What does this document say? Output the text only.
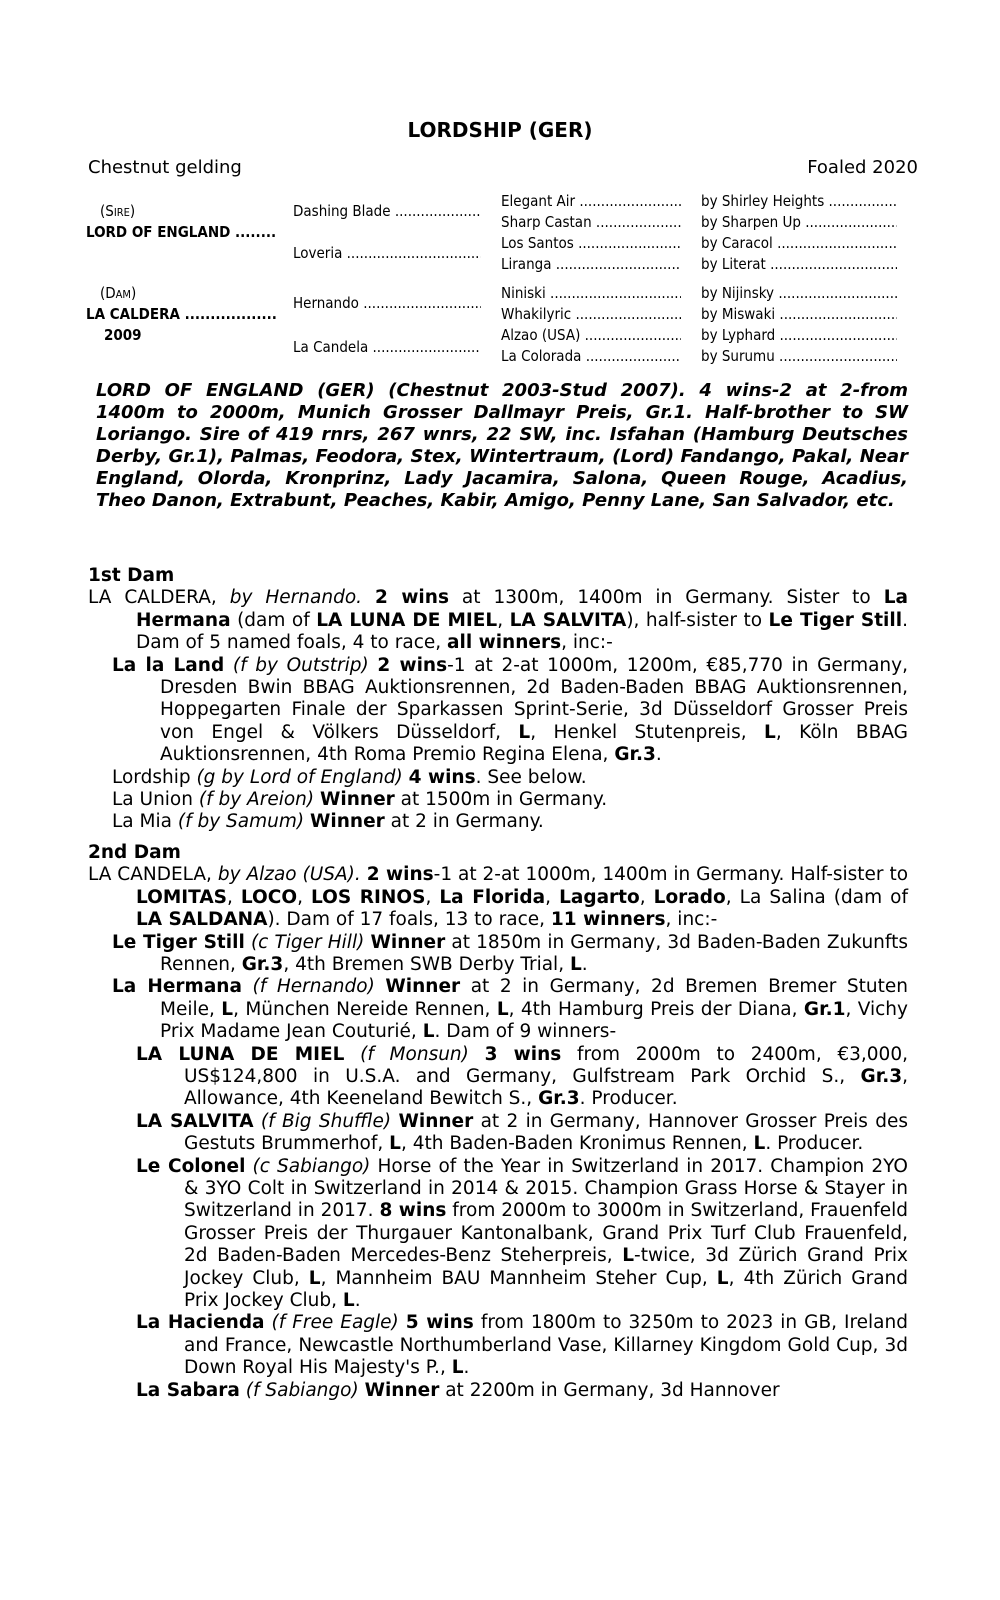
LORDSHIP (GER)
Chestnut gelding	Foaled 2020
(Sire)
LORD OF ENGLAND .....
(Dam)
LA CALDERA .....
2009
Dashing Blade .....
Loveria .....
Hernando .....
La Candela .....
Elegant Air .....
Sharp Castan .....
Los Santos .....
Liranga .....
Niniski .....
Whakilyric .....
Alzao (USA) .....
La Colorada .....
by Shirley Heights .....
by Sharpen Up .....
by Caracol .....
by Literat .....
by Nijinsky .....
by Miswaki .....
by Lyphard .....
by Surumu .....
LORD OF ENGLAND (GER) (Chestnut 2003-Stud 2007). 4 wins-2 at 2-from 1400m to 2000m, Munich Grosser Dallmayr Preis, Gr.1. Half-brother to SW Loriango. Sire of 419 rnrs, 267 wnrs, 22 SW, inc. Isfahan (Hamburg Deutsches Derby, Gr.1), Palmas, Feodora, Stex, Wintertraum, (Lord) Fandango, Pakal, Near England, Olorda, Kronprinz, Lady Jacamira, Salona, Queen Rouge, Acadius, Theo Danon, Extrabunt, Peaches, Kabir, Amigo, Penny Lane, San Salvador, etc.
1st Dam
LA CALDERA, by Hernando. 2 wins at 1300m, 1400m in Germany. Sister to La Hermana (dam of LA LUNA DE MIEL, LA SALVITA), half-sister to Le Tiger Still. Dam of 5 named foals, 4 to race, all winners, inc:-
La la Land (f by Outstrip) 2 wins-1 at 2-at 1000m, 1200m, €85,770 in Germany, Dresden Bwin BBAG Auktionsrennen, 2d Baden-Baden BBAG Auktionsrennen, Hoppegarten Finale der Sparkassen Sprint-Serie, 3d Düsseldorf Grosser Preis von Engel & Völkers Düsseldorf, L, Henkel Stutenpreis, L, Köln BBAG Auktionsrennen, 4th Roma Premio Regina Elena, Gr.3.
Lordship (g by Lord of England) 4 wins. See below.
La Union (f by Areion) Winner at 1500m in Germany.
La Mia (f by Samum) Winner at 2 in Germany.
2nd Dam
LA CANDELA, by Alzao (USA). 2 wins-1 at 2-at 1000m, 1400m in Germany. Half-sister to LOMITAS, LOCO, LOS RINOS, La Florida, Lagarto, Lorado, La Salina (dam of LA SALDANA). Dam of 17 foals, 13 to race, 11 winners, inc:-
Le Tiger Still (c Tiger Hill) Winner at 1850m in Germany, 3d Baden-Baden Zukunfts Rennen, Gr.3, 4th Bremen SWB Derby Trial, L.
La Hermana (f Hernando) Winner at 2 in Germany, 2d Bremen Bremer Stuten Meile, L, München Nereide Rennen, L, 4th Hamburg Preis der Diana, Gr.1, Vichy Prix Madame Jean Couturié, L. Dam of 9 winners-
LA LUNA DE MIEL (f Monsun) 3 wins from 2000m to 2400m, €3,000, US$124,800 in U.S.A. and Germany, Gulfstream Park Orchid S., Gr.3, Allowance, 4th Keeneland Bewitch S., Gr.3. Producer.
LA SALVITA (f Big Shuffle) Winner at 2 in Germany, Hannover Grosser Preis des Gestuts Brummerhof, L, 4th Baden-Baden Kronimus Rennen, L. Producer.
Le Colonel (c Sabiango) Horse of the Year in Switzerland in 2017. Champion 2YO & 3YO Colt in Switzerland in 2014 & 2015. Champion Grass Horse & Stayer in Switzerland in 2017. 8 wins from 2000m to 3000m in Switzerland, Frauenfeld Grosser Preis der Thurgauer Kantonalbank, Grand Prix Turf Club Frauenfeld, 2d Baden-Baden Mercedes-Benz Steherpreis, L-twice, 3d Zürich Grand Prix Jockey Club, L, Mannheim BAU Mannheim Steher Cup, L, 4th Zürich Grand Prix Jockey Club, L.
La Hacienda (f Free Eagle) 5 wins from 1800m to 3250m to 2023 in GB, Ireland and France, Newcastle Northumberland Vase, Killarney Kingdom Gold Cup, 3d Down Royal His Majesty's P., L.
La Sabara (f Sabiango) Winner at 2200m in Germany, 3d Hannover
